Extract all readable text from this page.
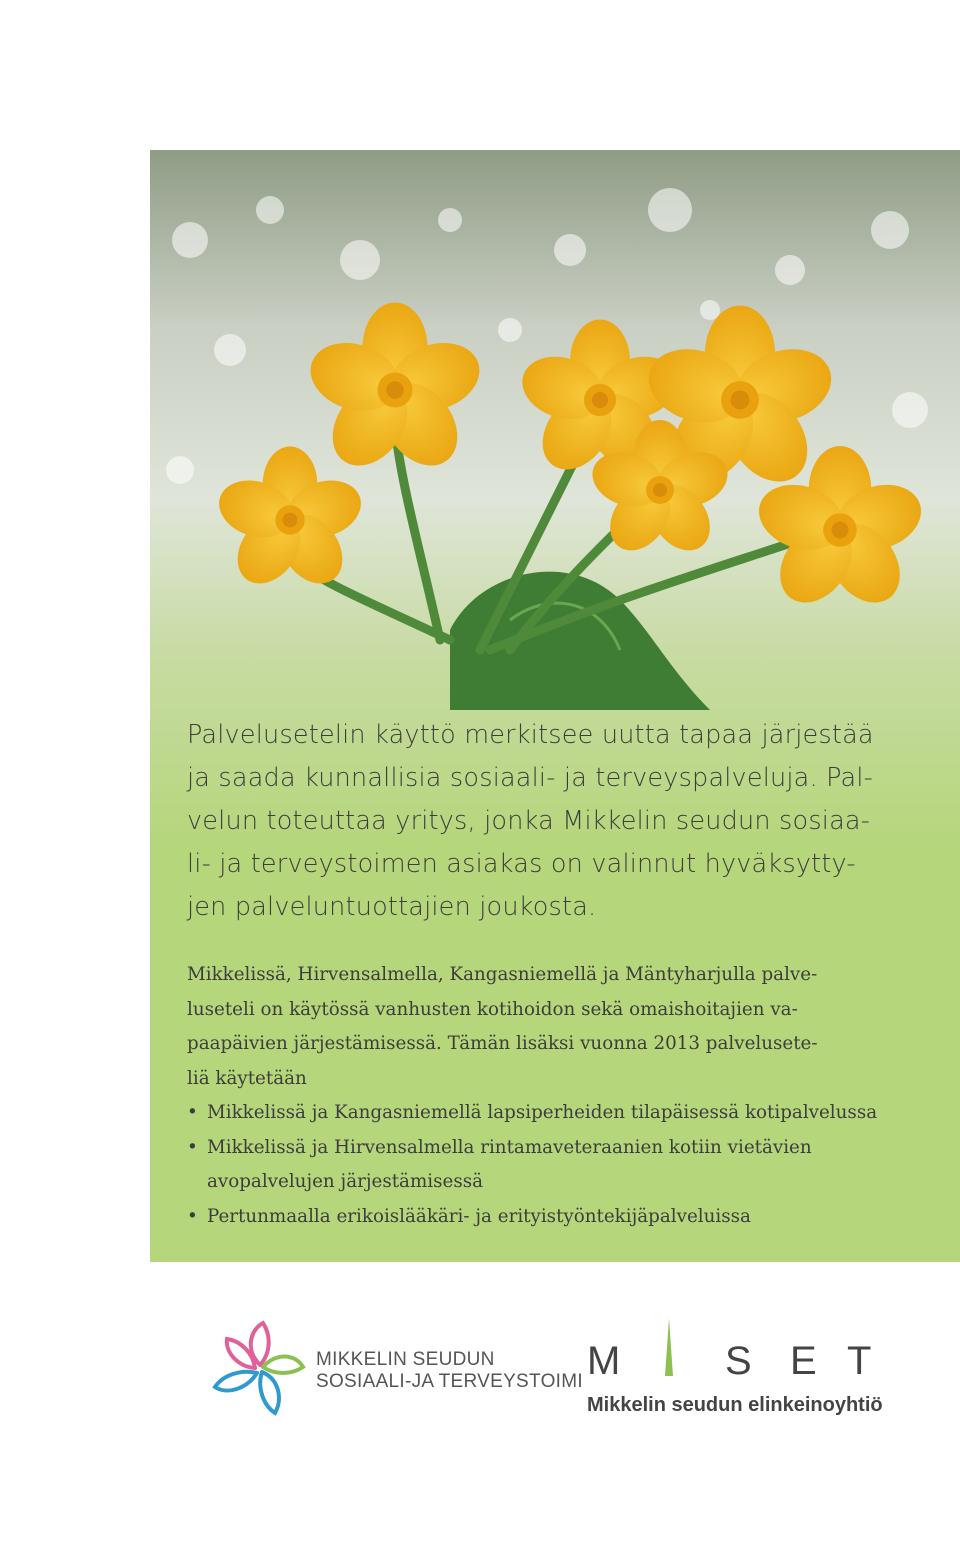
Palvelusetelin käyttö merkitsee uutta tapaa järjestää
ja saada kunnallisia sosiaali- ja terveyspalveluja. Pal-
velun toteuttaa yritys, jonka Mikkelin seudun sosiaa-
li- ja terveystoimen asiakas on valinnut hyväksytty-
jen palveluntuottajien joukosta.
Mikkelissä, Hirvensalmella, Kangasniemellä ja Mäntyharjulla palve-
luseteli on käytössä vanhusten kotihoidon sekä omaishoitajien va-
paapäivien järjestämisessä. Tämän lisäksi vuonna 2013 palvelusete-
liä käytetään
• Mikkelissä ja Kangasniemellä lapsiperheiden tilapäisessä kotipalvelussa
• Mikkelissä ja Hirvensalmella rintamaveteraanien kotiin vietävien
avopalvelujen järjestämisessä
• Pertunmaalla erikoislääkäri- ja erityistyöntekijäpalveluissa
MIKKELIN SEUDUN
SOSIAALI-JA TERVEYSTOIMI M	S E T
Mikkelin seudun elinkeinoyhtiö
